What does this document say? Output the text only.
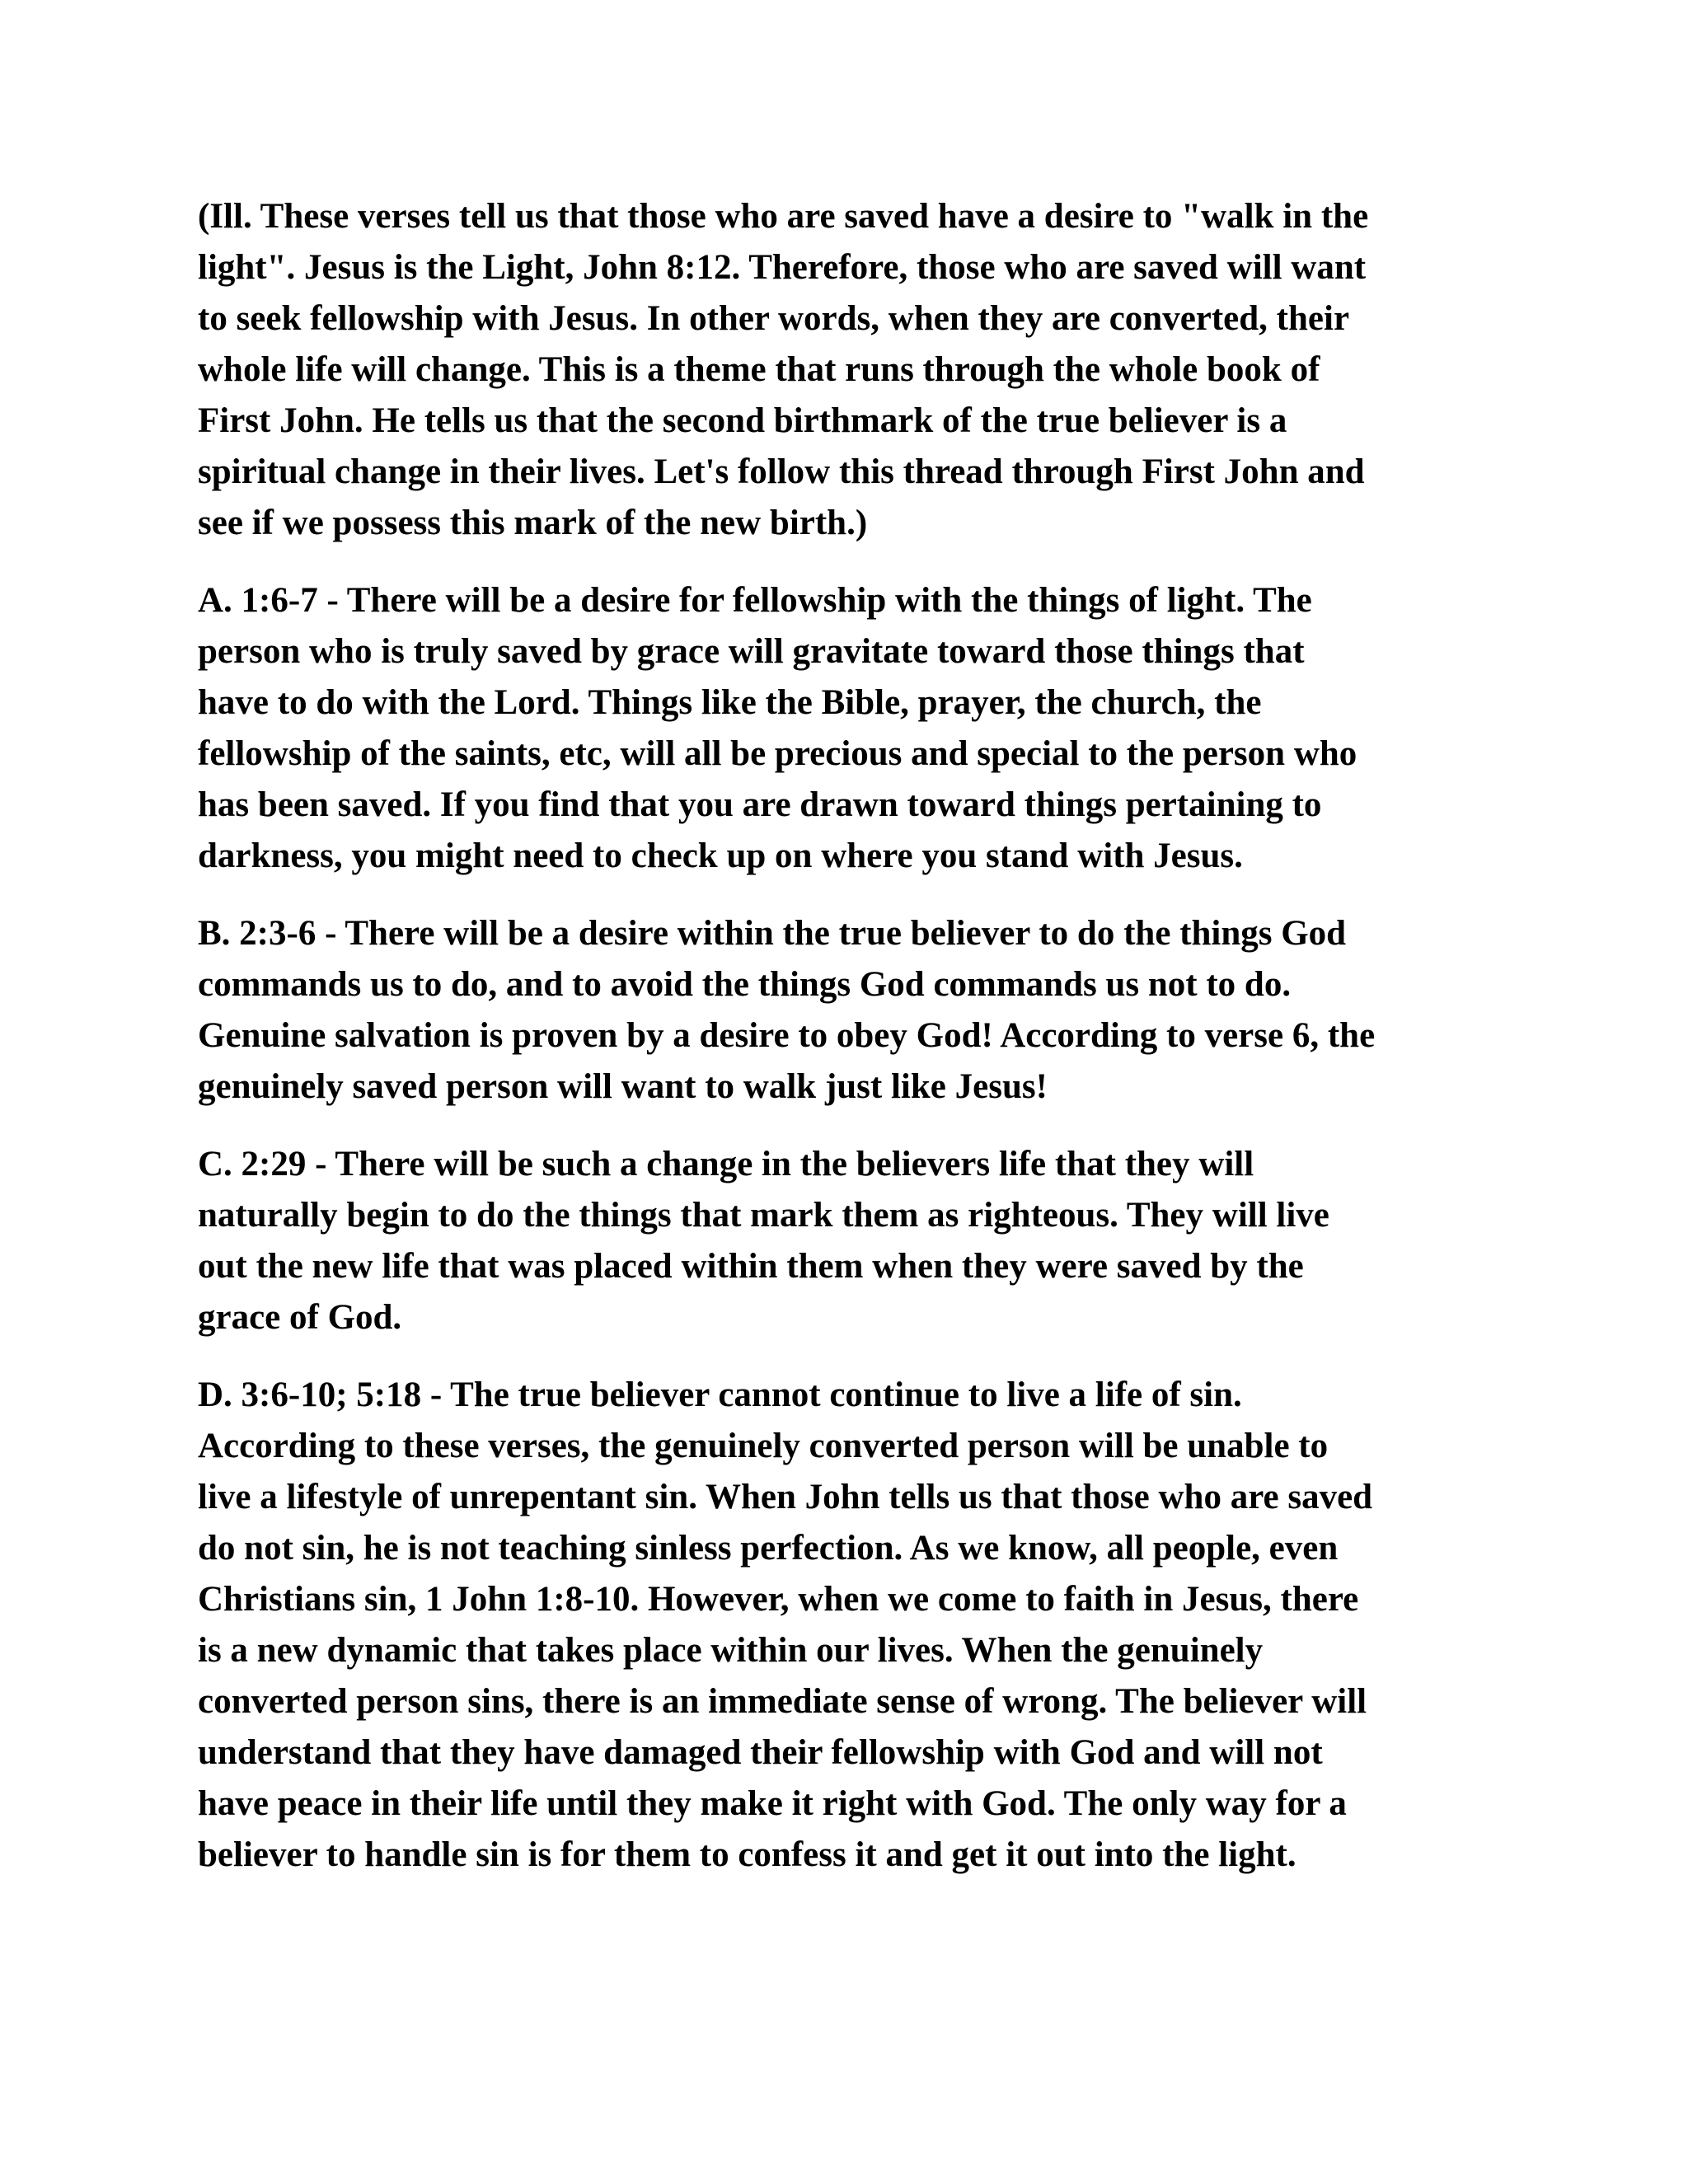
(Ill. These verses tell us that those who are saved have a desire to "walk in the
light". Jesus is the Light, John 8:12. Therefore, those who are saved will want
to seek fellowship with Jesus. In other words, when they are converted, their
whole life will change. This is a theme that runs through the whole book of
First John. He tells us that the second birthmark of the true believer is a
spiritual change in their lives. Let's follow this thread through First John and
see if we possess this mark of the new birth.)

A. 1:6-7 - There will be a desire for fellowship with the things of light. The
person who is truly saved by grace will gravitate toward those things that
have to do with the Lord. Things like the Bible, prayer, the church, the
fellowship of the saints, etc, will all be precious and special to the person who
has been saved. If you find that you are drawn toward things pertaining to
darkness, you might need to check up on where you stand with Jesus.

B. 2:3-6 - There will be a desire within the true believer to do the things God
commands us to do, and to avoid the things God commands us not to do.
Genuine salvation is proven by a desire to obey God! According to verse 6, the
genuinely saved person will want to walk just like Jesus!

C. 2:29 - There will be such a change in the believers life that they will
naturally begin to do the things that mark them as righteous. They will live
out the new life that was placed within them when they were saved by the
grace of God.

D. 3:6-10; 5:18 - The true believer cannot continue to live a life of sin.
According to these verses, the genuinely converted person will be unable to
live a lifestyle of unrepentant sin. When John tells us that those who are saved
do not sin, he is not teaching sinless perfection. As we know, all people, even
Christians sin, 1 John 1:8-10. However, when we come to faith in Jesus, there
is a new dynamic that takes place within our lives. When the genuinely
converted person sins, there is an immediate sense of wrong. The believer will
understand that they have damaged their fellowship with God and will not
have peace in their life until they make it right with God. The only way for a
believer to handle sin is for them to confess it and get it out into the light.
